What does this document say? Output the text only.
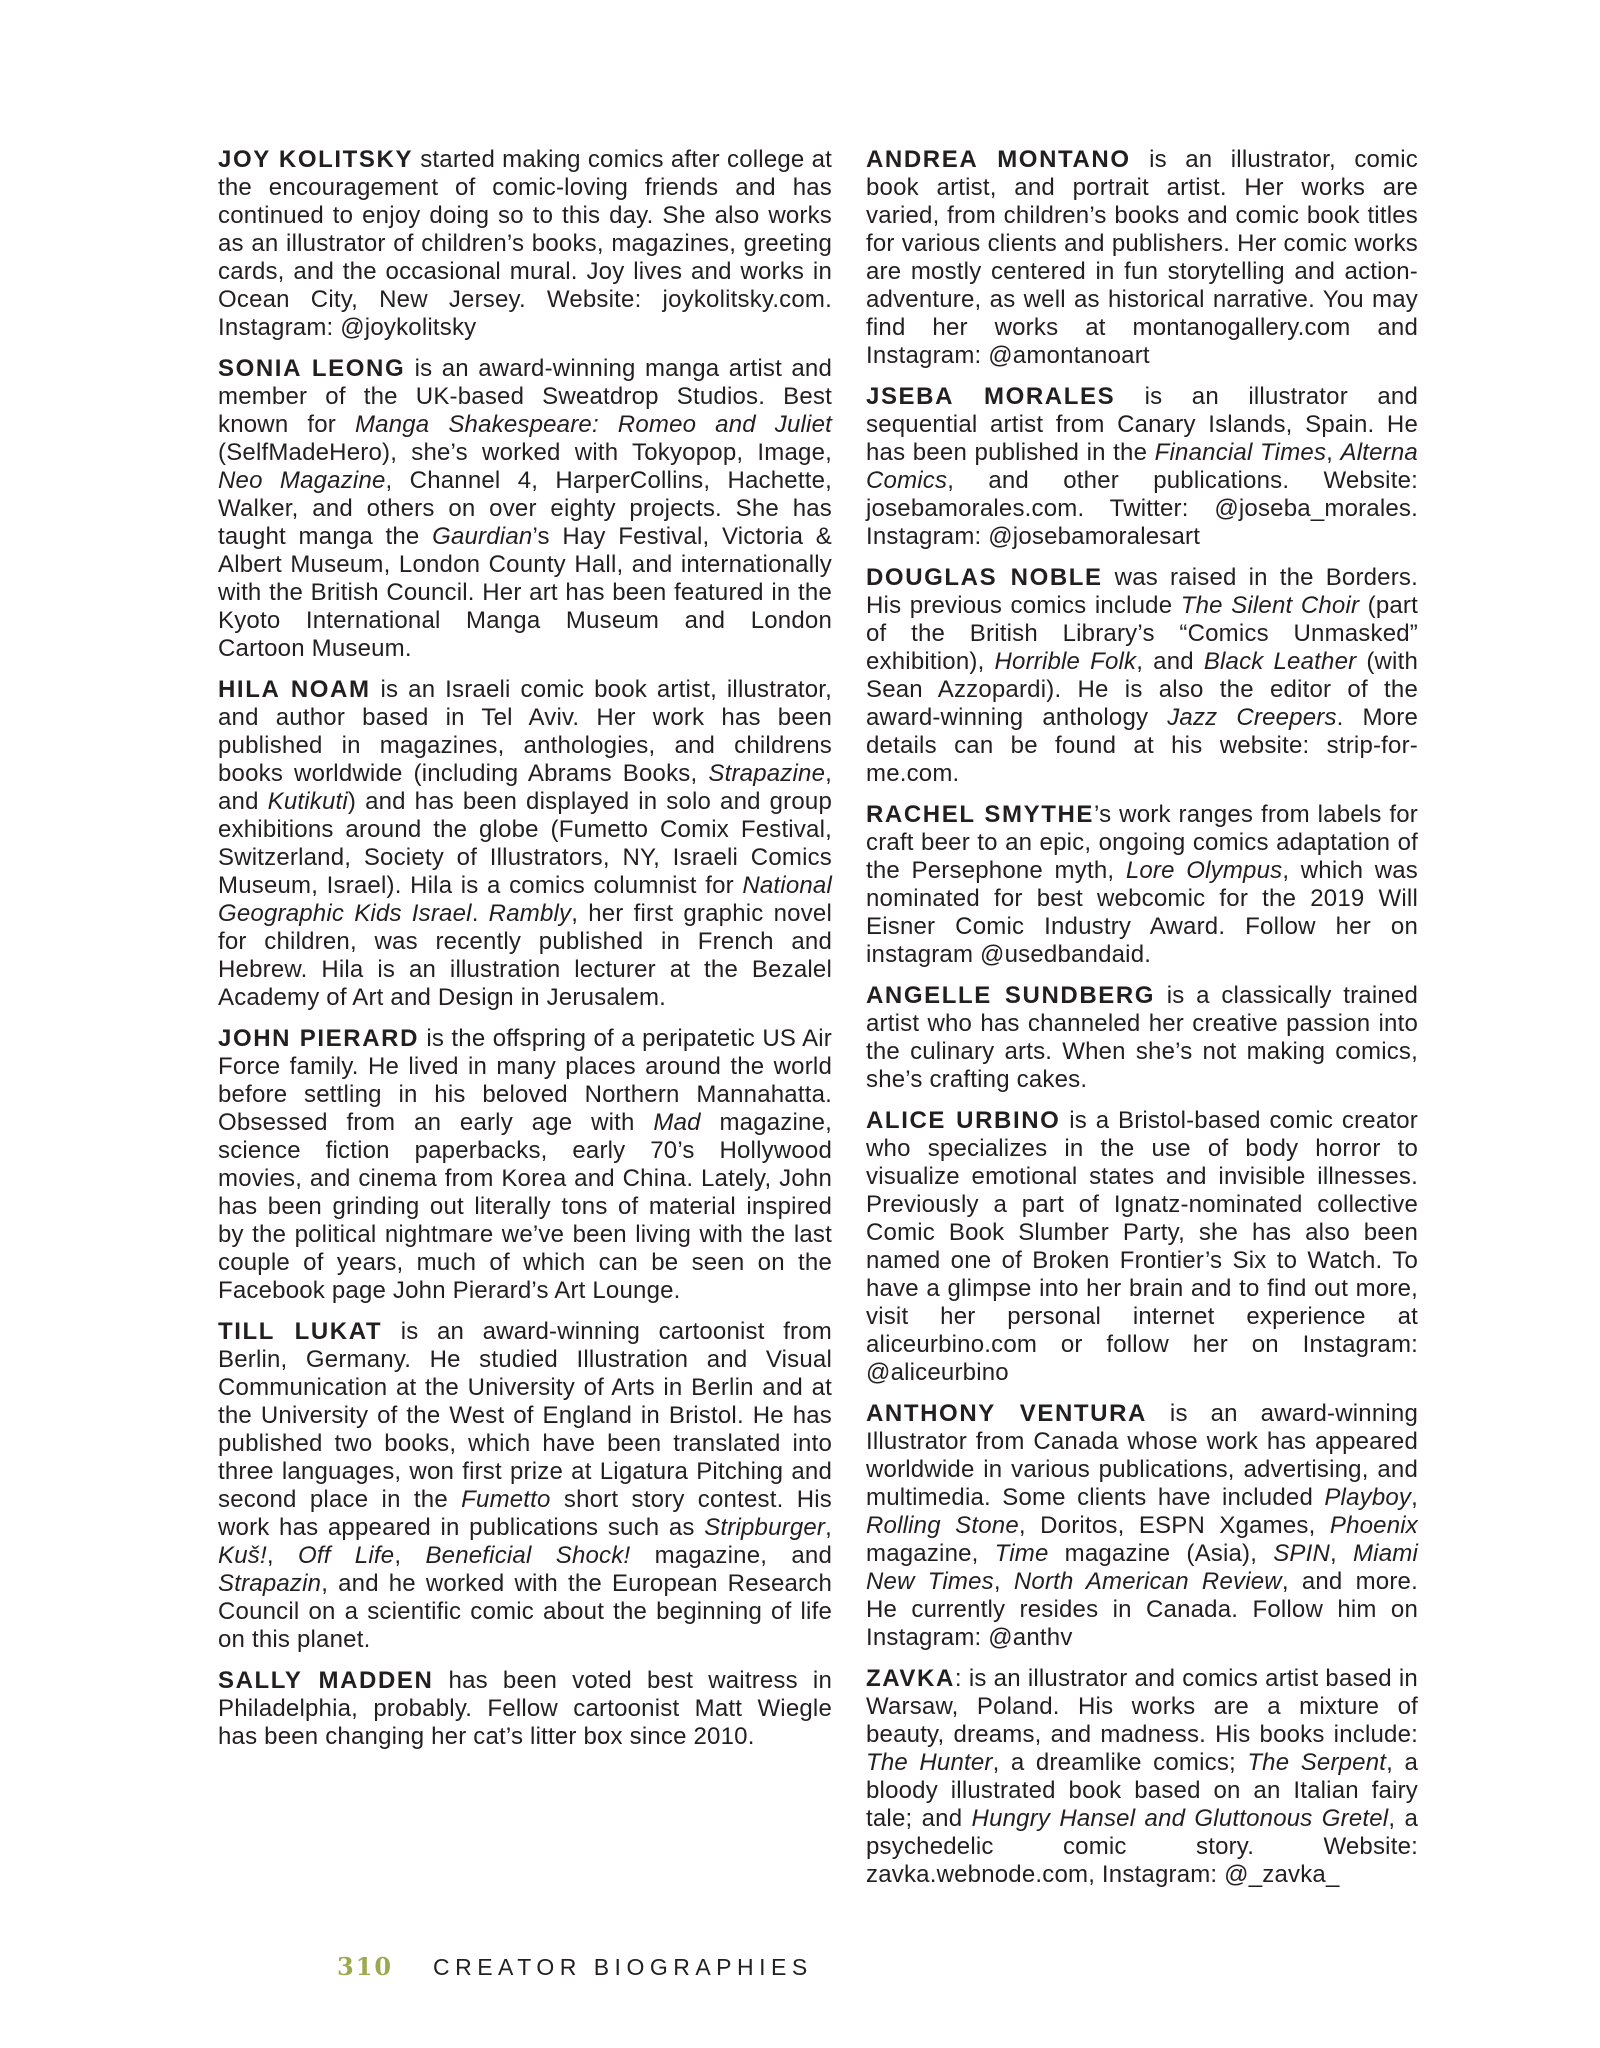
JOY KOLITSKY started making comics after college at the encouragement of comic-loving friends and has continued to enjoy doing so to this day. She also works as an illustrator of children’s books, magazines, greeting cards, and the occasional mural. Joy lives and works in Ocean City, New Jersey. Website: joykolitsky.com. Instagram: @joykolitsky

SONIA LEONG is an award-winning manga artist and member of the UK-based Sweatdrop Studios. Best known for Manga Shakespeare: Romeo and Juliet (SelfMadeHero), she’s worked with Tokyopop, Image, Neo Magazine, Channel 4, HarperCollins, Hachette, Walker, and others on over eighty projects. She has taught manga the Gaurdian’s Hay Festival, Victoria & Albert Museum, London County Hall, and internationally with the British Council. Her art has been featured in the Kyoto International Manga Museum and London Cartoon Museum.

HILA NOAM is an Israeli comic book artist, illustrator, and author based in Tel Aviv. Her work has been published in magazines, anthologies, and childrens books worldwide (including Abrams Books, Strapazine, and Kutikuti) and has been displayed in solo and group exhibitions around the globe (Fumetto Comix Festival, Switzerland, Society of Illustrators, NY, Israeli Comics Museum, Israel). Hila is a comics columnist for National Geographic Kids Israel. Rambly, her first graphic novel for children, was recently published in French and Hebrew. Hila is an illustration lecturer at the Bezalel Academy of Art and Design in Jerusalem.

JOHN PIERARD is the offspring of a peripatetic US Air Force family. He lived in many places around the world before settling in his beloved Northern Mannahatta. Obsessed from an early age with Mad magazine, science fiction paperbacks, early 70’s Hollywood movies, and cinema from Korea and China. Lately, John has been grinding out literally tons of material inspired by the political nightmare we’ve been living with the last couple of years, much of which can be seen on the Facebook page John Pierard’s Art Lounge.

TILL LUKAT is an award-winning cartoonist from Berlin, Germany. He studied Illustration and Visual Communication at the University of Arts in Berlin and at the University of the West of England in Bristol. He has published two books, which have been translated into three languages, won first prize at Ligatura Pitching and second place in the Fumetto short story contest. His work has appeared in publications such as Stripburger, Kuš!, Off Life, Beneficial Shock! magazine, and Strapazin, and he worked with the European Research Council on a scientific comic about the beginning of life on this planet.

SALLY MADDEN has been voted best waitress in Philadelphia, probably. Fellow cartoonist Matt Wiegle has been changing her cat’s litter box since 2010.

ANDREA MONTANO is an illustrator, comic book artist, and portrait artist. Her works are varied, from children’s books and comic book titles for various clients and publishers. Her comic works are mostly centered in fun storytelling and action-adventure, as well as historical narrative. You may find her works at montanogallery.com and Instagram: @amontanoart

JSEBA MORALES is an illustrator and sequential artist from Canary Islands, Spain. He has been published in the Financial Times, Alterna Comics, and other publications. Website: josebamorales.com. Twitter: @joseba_morales. Instagram: @josebamoralesart

DOUGLAS NOBLE was raised in the Borders. His previous comics include The Silent Choir (part of the British Library’s “Comics Unmasked” exhibition), Horrible Folk, and Black Leather (with Sean Azzopardi). He is also the editor of the award-winning anthology Jazz Creepers. More details can be found at his website: strip-for-me.com.

RACHEL SMYTHE’s work ranges from labels for craft beer to an epic, ongoing comics adaptation of the Persephone myth, Lore Olympus, which was nominated for best webcomic for the 2019 Will Eisner Comic Industry Award. Follow her on instagram @usedbandaid.

ANGELLE SUNDBERG is a classically trained artist who has channeled her creative passion into the culinary arts. When she’s not making comics, she’s crafting cakes.

ALICE URBINO is a Bristol-based comic creator who specializes in the use of body horror to visualize emotional states and invisible illnesses. Previously a part of Ignatz-nominated collective Comic Book Slumber Party, she has also been named one of Broken Frontier’s Six to Watch. To have a glimpse into her brain and to find out more, visit her personal internet experience at aliceurbino.com or follow her on Instagram: @aliceurbino

ANTHONY VENTURA is an award-winning Illustrator from Canada whose work has appeared worldwide in various publications, advertising, and multimedia. Some clients have included Playboy, Rolling Stone, Doritos, ESPN Xgames, Phoenix magazine, Time magazine (Asia), SPIN, Miami New Times, North American Review, and more. He currently resides in Canada. Follow him on Instagram: @anthv

ZAVKA: is an illustrator and comics artist based in Warsaw, Poland. His works are a mixture of beauty, dreams, and madness. His books include: The Hunter, a dreamlike comics; The Serpent, a bloody illustrated book based on an Italian fairy tale; and Hungry Hansel and Gluttonous Gretel, a psychedelic comic story. Website: zavka.webnode.com, Instagram: @_zavka_

310 CREATOR BIOGRAPHIES
